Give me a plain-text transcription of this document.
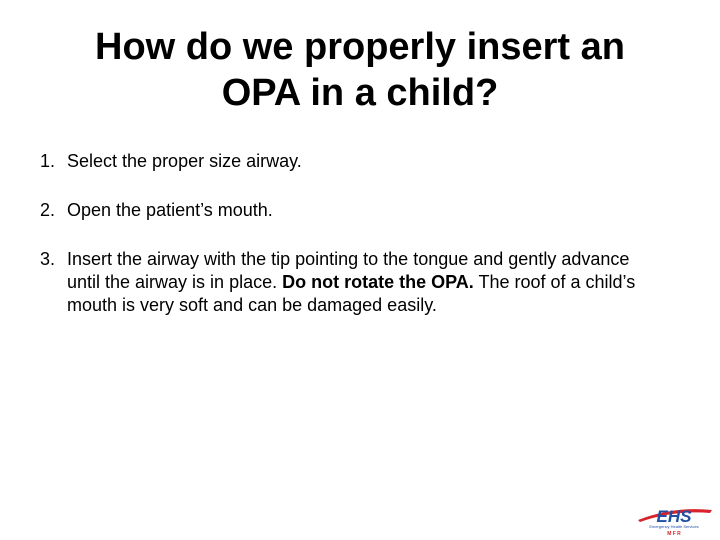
How do we properly insert an
OPA in a child?
1. Select the proper size airway.
2. Open the patient’s mouth.
3. Insert the airway with the tip pointing to the tongue and gently advance until the airway is in place. Do not rotate the OPA. The roof of a child’s mouth is very soft and can be damaged easily.
EHS
Emergency Health Services
M F R
